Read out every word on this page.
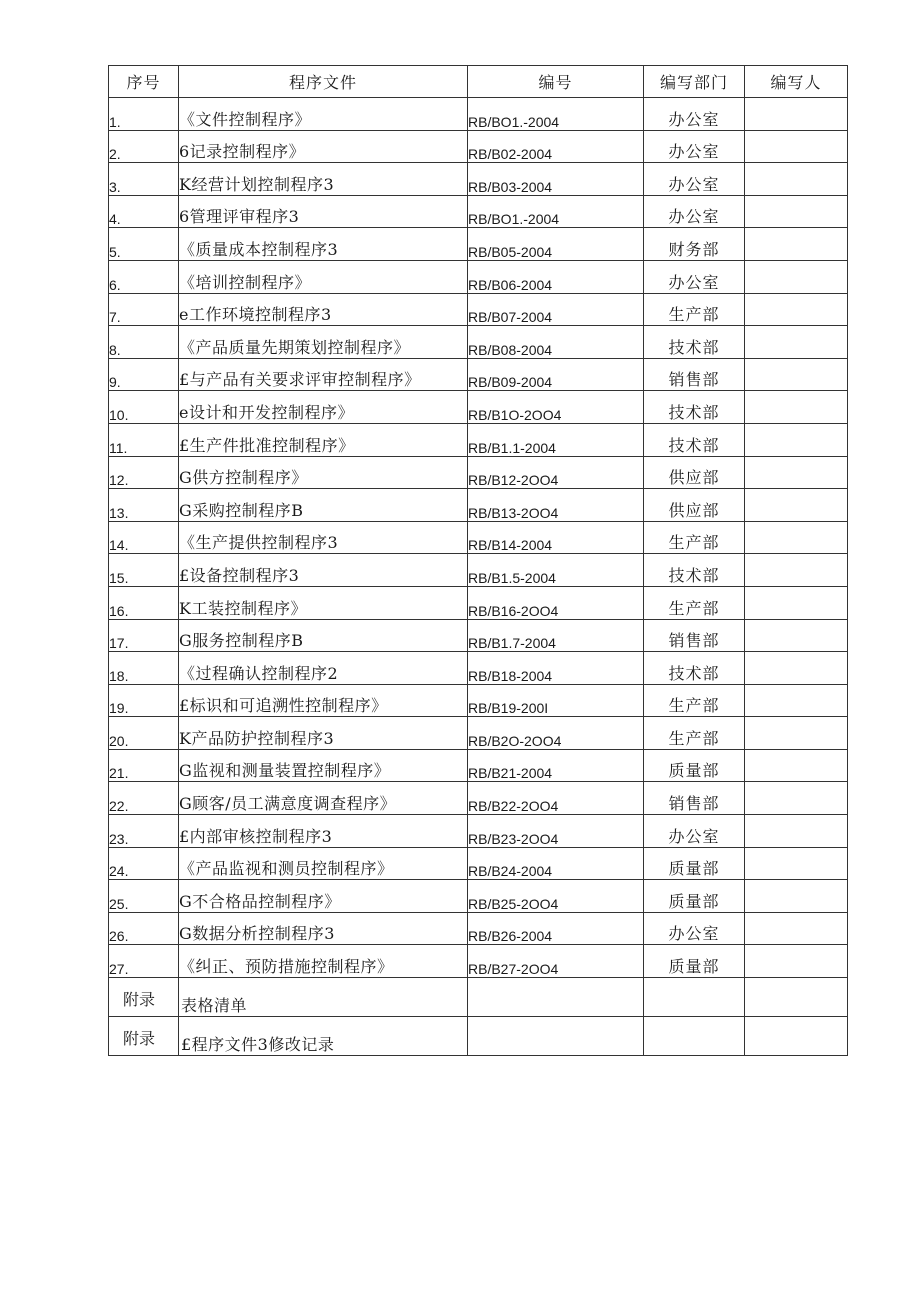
序号	程序文件	编号	编写部门	编写人
1.	《文件控制程序》	RB/BO1.-2004	办公室	
2.	6记录控制程序》	RB/B02-2004	办公室	
3.	K经营计划控制程序3	RB/B03-2004	办公室	
4.	6管理评审程序3	RB/BO1.-2004	办公室	
5.	《质量成本控制程序3	RB/B05-2004	财务部	
6.	《培训控制程序》	RB/B06-2004	办公室	
7.	e工作环境控制程序3	RB/B07-2004	生产部	
8.	《产品质量先期策划控制程序》	RB/B08-2004	技术部	
9.	£与产品有关要求评审控制程序》	RB/B09-2004	销售部	
10.	e设计和开发控制程序》	RB/B1O-2OO4	技术部	
11.	£生产件批准控制程序》	RB/B1.1-2004	技术部	
12.	G供方控制程序》	RB/B12-2OO4	供应部	
13.	G采购控制程序B	RB/B13-2OO4	供应部	
14.	《生产提供控制程序3	RB/B14-2004	生产部	
15.	£设备控制程序3	RB/B1.5-2004	技术部	
16.	K工装控制程序》	RB/B16-2OO4	生产部	
17.	G服务控制程序B	RB/B1.7-2004	销售部	
18.	《过程确认控制程序2	RB/B18-2004	技术部	
19.	£标识和可追溯性控制程序》	RB/B19-200I	生产部	
20.	K产品防护控制程序3	RB/B2O-2OO4	生产部	
21.	G监视和测量装置控制程序》	RB/B21-2004	质量部	
22.	G顾客/员工满意度调查程序》	RB/B22-2OO4	销售部	
23.	£内部审核控制程序3	RB/B23-2OO4	办公室	
24.	《产品监视和测员控制程序》	RB/B24-2004	质量部	
25.	G不合格品控制程序》	RB/B25-2OO4	质量部	
26.	G数据分析控制程序3	RB/B26-2004	办公室	
27.	《纠正、预防措施控制程序》	RB/B27-2OO4	质量部	
附录	表格清单			
附录	£程序文件3修改记录			
